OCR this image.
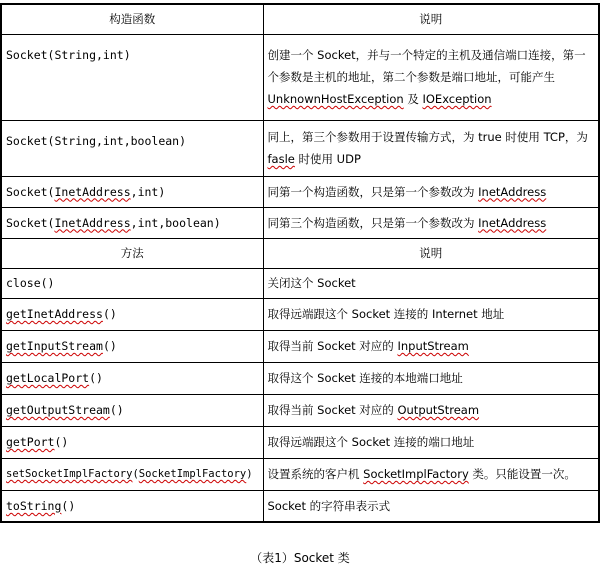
构造函数	说明
Socket(String,int)	创建一个 Socket，并与一个特定的主机及通信端口连接，第一个参数是主机的地址，第二个参数是端口地址，可能产生 UnknownHostException 及 IOException
Socket(String,int,boolean)	同上，第三个参数用于设置传输方式，为 true 时使用 TCP，为 fasle 时使用 UDP
Socket(InetAddress,int)	同第一个构造函数，只是第一个参数改为 InetAddress
Socket(InetAddress,int,boolean)	同第三个构造函数，只是第一个参数改为 InetAddress
方法	说明
close()	关闭这个 Socket
getInetAddress()	取得远端跟这个 Socket 连接的 Internet 地址
getInputStream()	取得当前 Socket 对应的 InputStream
getLocalPort()	取得这个 Socket 连接的本地端口地址
getOutputStream()	取得当前 Socket 对应的 OutputStream
getPort()	取得远端跟这个 Socket 连接的端口地址
setSocketImplFactory(SocketImplFactory)	设置系统的客户机 SocketImplFactory 类。只能设置一次。
toString()	Socket 的字符串表示式
（表1）Socket 类
